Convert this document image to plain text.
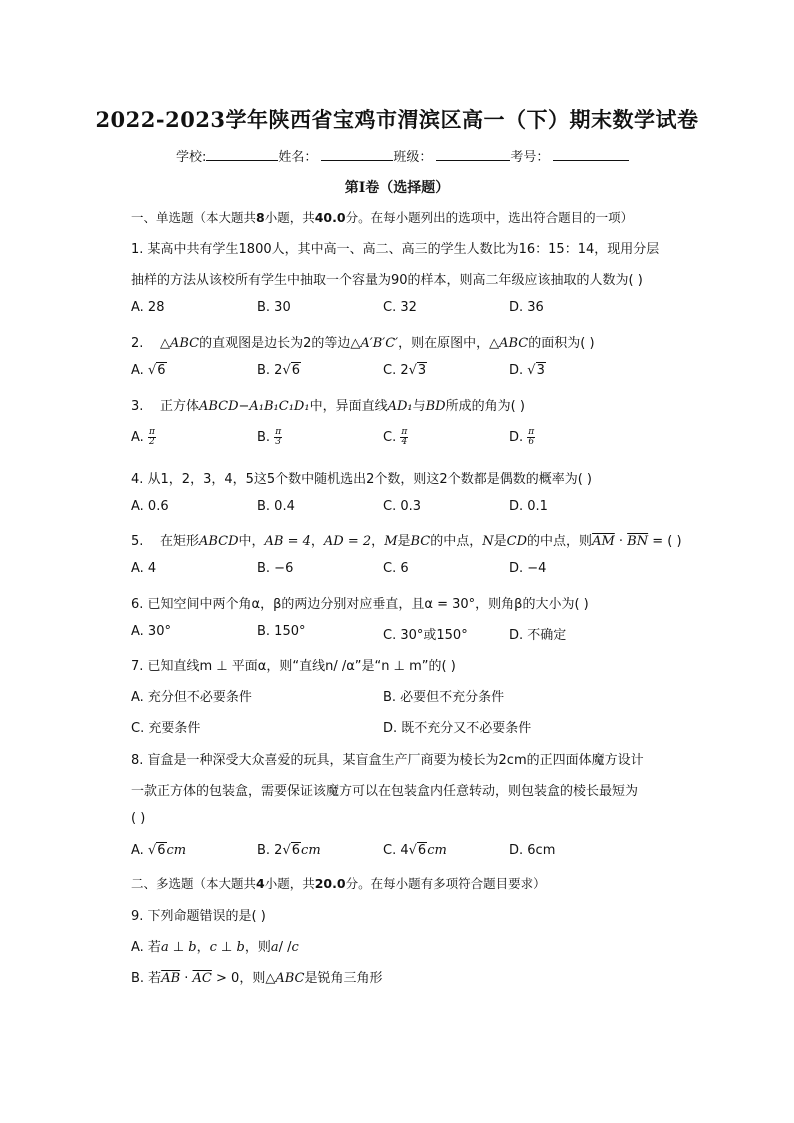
2022-2023学年陕西省宝鸡市渭滨区高一（下）期末数学试卷
学校:	姓名：	班级：	考号：
第Ⅰ卷（选择题）
一、单选题（本大题共8小题，共40.0分。在每小题列出的选项中，选出符合题目的一项）
1. 某高中共有学生1800人，其中高一、高二、高三的学生人数比为16：15：14，现用分层
抽样的方法从该校所有学生中抽取一个容量为90的样本，则高二年级应该抽取的人数为( )
A. 28	B. 30	C. 32	D. 36
2. △ABC的直观图是边长为2的等边△A′B′C′，则在原图中，△ABC的面积为( )
A. √6	B. 2√6	C. 2√3	D. √3
3. 正方体ABCD−A₁B₁C₁D₁中，异面直线AD₁与BD所成的角为( )
A. $\frac{\pi}{2}$	B. $\frac{\pi}{3}$	C. $\frac{\pi}{4}$	D. $\frac{\pi}{6}$
4. 从1，2，3，4，5这5个数中随机选出2个数，则这2个数都是偶数的概率为( )
A. 0.6	B. 0.4	C. 0.3	D. 0.1
5. 在矩形ABCD中，AB = 4，AD = 2，M是BC的中点，N是CD的中点，则$\overline{AM} \cdot \overline{BN}$ = ( )
A. 4	B. −6	C. 6	D. −4
6. 已知空间中两个角α，β的两边分别对应垂直，且α = 30°，则角β的大小为( )
A. 30°	B. 150°	C. 30°或150°	D. 不确定
7. 已知直线m ⊥ 平面α，则“直线n/ /α”是“n ⊥ m”的( )
A. 充分但不必要条件	B. 必要但不充分条件
C. 充要条件	D. 既不充分又不必要条件
8. 盲盒是一种深受大众喜爱的玩具，某盲盒生产厂商要为棱长为2cm的正四面体魔方设计
一款正方体的包装盒，需要保证该魔方可以在包装盒内任意转动，则包装盒的棱长最短为
( )
A. √6cm	B. 2√6cm	C. 4√6cm	D. 6cm
二、多选题（本大题共4小题，共20.0分。在每小题有多项符合题目要求）
9. 下列命题错误的是( )
A. 若a ⊥ b，c ⊥ b，则a/ /c
B. 若$\overline{AB} \cdot \overline{AC} > 0$，则△ABC是锐角三角形
